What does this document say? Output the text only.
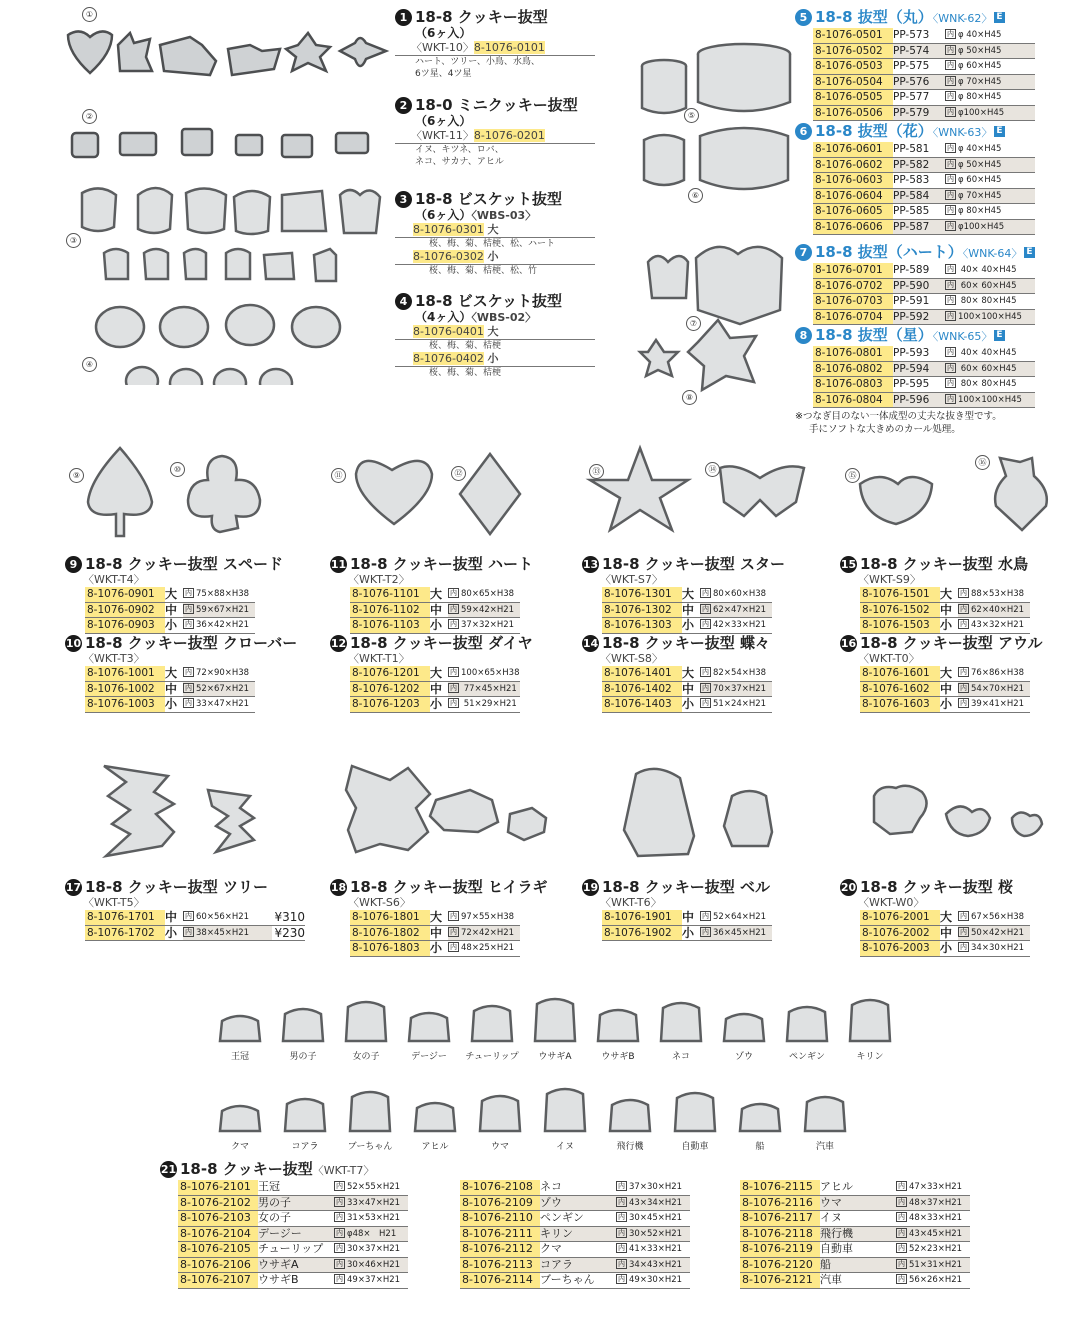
①
②
③
④
1 18-8 クッキー抜型
（6ヶ入）
〈WKT-10〉8-1076-0101
ハート、ツリー、小鳥、水鳥、
6ツ星、4ツ星
2 18-0 ミニクッキー抜型
（6ヶ入）
〈WKT-11〉8-1076-0201
イヌ、キツネ、ロバ、
ネコ、サカナ、アヒル
3 18-8 ビスケット抜型
（6ヶ入）〈WBS-03〉
8-1076-0301 大
桜、梅、菊、桔梗、松、ハート
8-1076-0302 小
桜、梅、菊、桔梗、松、竹
4 18-8 ビスケット抜型
（4ヶ入）〈WBS-02〉
8-1076-0401 大
桜、梅、菊、桔梗
8-1076-0402 小
桜、梅、菊、桔梗
⑤
⑥
⑦
⑧
5 18-8 抜型（丸）〈WNK-62〉 E
8-1076-0501 PP-573	内 φ 40×H45
8-1076-0502 PP-574	内 φ 50×H45
8-1076-0503 PP-575	内 φ 60×H45
8-1076-0504 PP-576	内 φ 70×H45
8-1076-0505 PP-577	内 φ 80×H45
8-1076-0506 PP-579	内 φ100×H45
6 18-8 抜型（花）〈WNK-63〉 E
8-1076-0601 PP-581	内 φ 40×H45
8-1076-0602 PP-582	内 φ 50×H45
8-1076-0603 PP-583	内 φ 60×H45
8-1076-0604 PP-584	内 φ 70×H45
8-1076-0605 PP-585	内 φ 80×H45
8-1076-0606 PP-587	内 φ100×H45
7 18-8 抜型（ハート）〈WNK-64〉 E
8-1076-0701 PP-589	内 40× 40×H45
8-1076-0702 PP-590	内 60× 60×H45
8-1076-0703 PP-591	内 80× 80×H45
8-1076-0704 PP-592	内 100×100×H45
8 18-8 抜型（星）〈WNK-65〉 E
8-1076-0801 PP-593	内 40× 40×H45
8-1076-0802 PP-594	内 60× 60×H45
8-1076-0803 PP-595	内 80× 80×H45
8-1076-0804 PP-596	内 100×100×H45
※つなぎ目のない一体成型の丈夫な抜き型です。
手にソフトな大きめのカール処理。
⑨
⑩
⑪	⑫	⑬	⑭
⑮
⑯
9 18-8 クッキー抜型 スペード
〈WKT-T4〉
8-1076-0901 大	内 75×88×H38
8-1076-0902 中	内 59×67×H21
8-1076-0903 小	内 36×42×H21
10 18-8 クッキー抜型 クローバー
〈WKT-T3〉
8-1076-1001 大	内 72×90×H38
8-1076-1002 中	内 52×67×H21
8-1076-1003 小	内 33×47×H21
11 18-8 クッキー抜型 ハート
〈WKT-T2〉
8-1076-1101 大	内 80×65×H38
8-1076-1102 中	内 59×42×H21
8-1076-1103 小	内 37×32×H21
12 18-8 クッキー抜型 ダイヤ
〈WKT-T1〉
8-1076-1201 大	内 100×65×H38
8-1076-1202 中	内 77×45×H21
8-1076-1203 小	内 51×29×H21
13 18-8 クッキー抜型 スター
〈WKT-S7〉
8-1076-1301 大	内 80×60×H38
8-1076-1302 中	内 62×47×H21
8-1076-1303 小	内 42×33×H21
14 18-8 クッキー抜型 蝶々
〈WKT-S8〉
8-1076-1401 大	内 82×54×H38
8-1076-1402 中	内 70×37×H21
8-1076-1403 小	内 51×24×H21
15 18-8 クッキー抜型 水鳥
〈WKT-S9〉
8-1076-1501 大	内 88×53×H38
8-1076-1502 中	内 62×40×H21
8-1076-1503 小	内 43×32×H21
16 18-8 クッキー抜型 アウル
〈WKT-T0〉
8-1076-1601 大	内 76×86×H38
8-1076-1602 中	内 54×70×H21
8-1076-1603 小	内 39×41×H21
17 18-8 クッキー抜型 ツリー
〈WKT-T5〉
8-1076-1701 中	内 60×56×H21	¥310
8-1076-1702 小	内 38×45×H21	¥230
18 18-8 クッキー抜型 ヒイラギ
〈WKT-S6〉
8-1076-1801 大	内 97×55×H38
8-1076-1802 中	内 72×42×H21
8-1076-1803 小	内 48×25×H21
19 18-8 クッキー抜型 ベル
〈WKT-T6〉
8-1076-1901 中	内 52×64×H21
8-1076-1902 小	内 36×45×H21
20 18-8 クッキー抜型 桜
〈WKT-W0〉
8-1076-2001 大	内 67×56×H38
8-1076-2002 中	内 50×42×H21
8-1076-2003 小	内 34×30×H21
王冠	男の子	女の子	デージー	チューリップ	ウサギA	ウサギB	ネコ	ゾウ	ペンギン	キリン
クマ	コアラ	ブーちゃん	アヒル	ウマ	イヌ	飛行機	自動車	船	汽車
21 18-8 クッキー抜型〈WKT-T7〉
8-1076-2101 王冠	内 52×55×H21
8-1076-2102 男の子	内 33×47×H21
8-1076-2103 女の子	内 31×53×H21
8-1076-2104 デージー	内 φ48×　H21
8-1076-2105 チューリップ	内 30×37×H21
8-1076-2106 ウサギA	内 30×46×H21
8-1076-2107 ウサギB	内 49×37×H21
8-1076-2108 ネコ	内 37×30×H21
8-1076-2109 ゾウ	内 43×34×H21
8-1076-2110 ペンギン	内 30×45×H21
8-1076-2111 キリン	内 30×52×H21
8-1076-2112 クマ	内 41×33×H21
8-1076-2113 コアラ	内 34×43×H21
8-1076-2114 ブーちゃん	内 49×30×H21
8-1076-2115 アヒル	内 47×33×H21
8-1076-2116 ウマ	内 48×37×H21
8-1076-2117 イヌ	内 48×33×H21
8-1076-2118 飛行機	内 43×45×H21
8-1076-2119 自動車	内 52×23×H21
8-1076-2120 船	内 51×31×H21
8-1076-2121 汽車	内 56×26×H21
